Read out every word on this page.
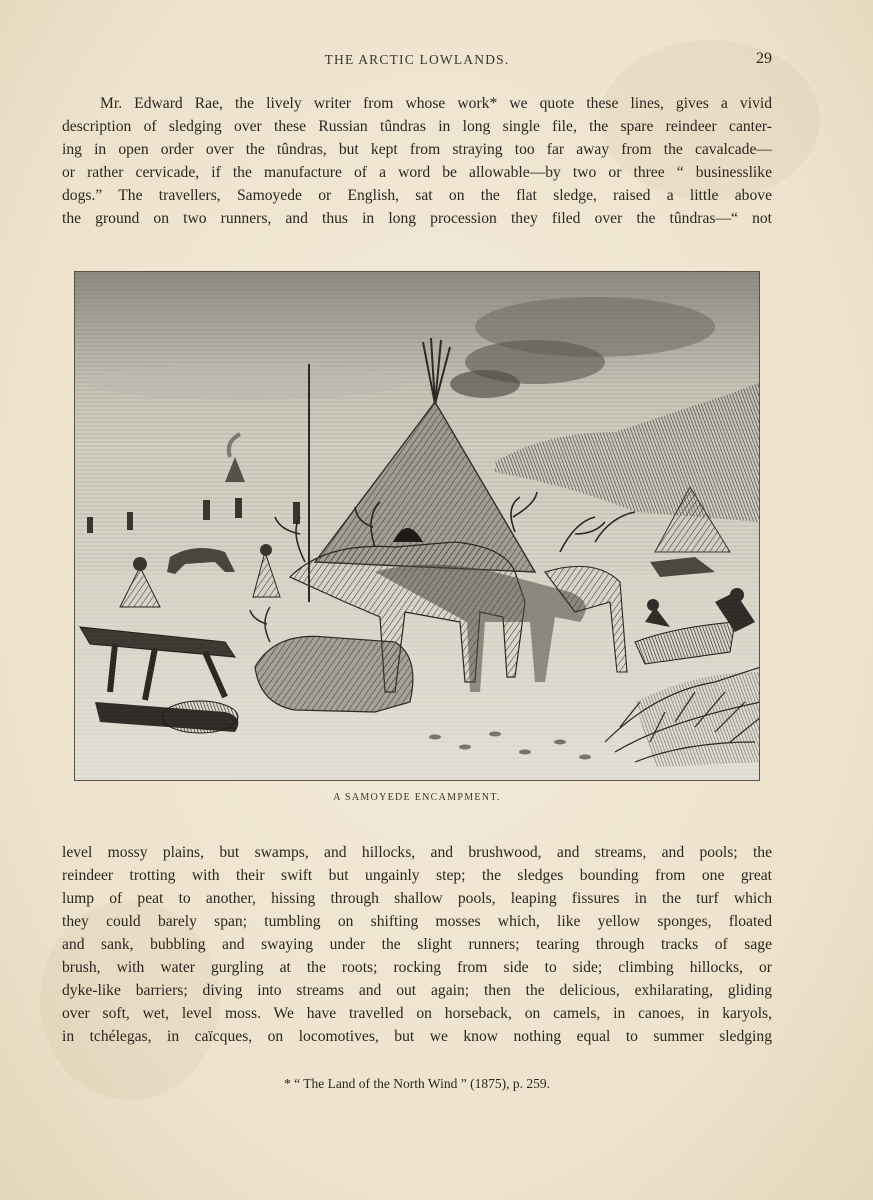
THE ARCTIC LOWLANDS.	29
Mr. Edward Rae, the lively writer from whose work* we quote these lines, gives a vivid
description of sledging over these Russian tûndras in long single file, the spare reindeer canter-
ing in open order over the tûndras, but kept from straying too far away from the cavalcade—
or rather cervicade, if the manufacture of a word be allowable—by two or three “ businesslike
dogs.” The travellers, Samoyede or English, sat on the flat sledge, raised a little above
the ground on two runners, and thus in long procession they filed over the tûndras—“ not
A SAMOYEDE ENCAMPMENT.
level mossy plains, but swamps, and hillocks, and brushwood, and streams, and pools; the
reindeer trotting with their swift but ungainly step; the sledges bounding from one great
lump of peat to another, hissing through shallow pools, leaping fissures in the turf which
they could barely span; tumbling on shifting mosses which, like yellow sponges, floated
and sank, bubbling and swaying under the slight runners; tearing through tracks of sage
brush, with water gurgling at the roots; rocking from side to side; climbing hillocks, or
dyke-like barriers; diving into streams and out again; then the delicious, exhilarating, gliding
over soft, wet, level moss. We have travelled on horseback, on camels, in canoes, in karyols,
in tchélegas, in caïcques, on locomotives, but we know nothing equal to summer sledging
* “ The Land of the North Wind ” (1875), p. 259.
